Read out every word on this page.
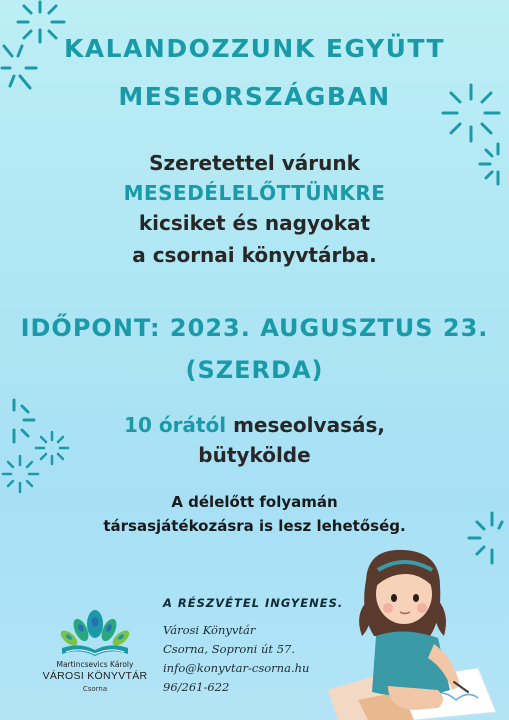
KALANDOZZUNK EGYÜTT
MESEORSZÁGBAN
Szeretettel várunk
MESEDÉLELŐTTÜNKRE
kicsiket és nagyokat
a csornai könyvtárba.
IDŐPONT: 2023. AUGUSZTUS 23.
(SZERDA)
10 órától meseolvasás,
bütykölde
A délelőtt folyamán
társasjátékozásra is lesz lehetőség.
A RÉSZVÉTEL INGYENES.
Városi Könyvtár
Csorna, Soproni út 57.
info@konyvtar-csorna.hu
96/261-622
Martincsevics Károly
VÁROSI KÖNYVTÁR
Csorna
